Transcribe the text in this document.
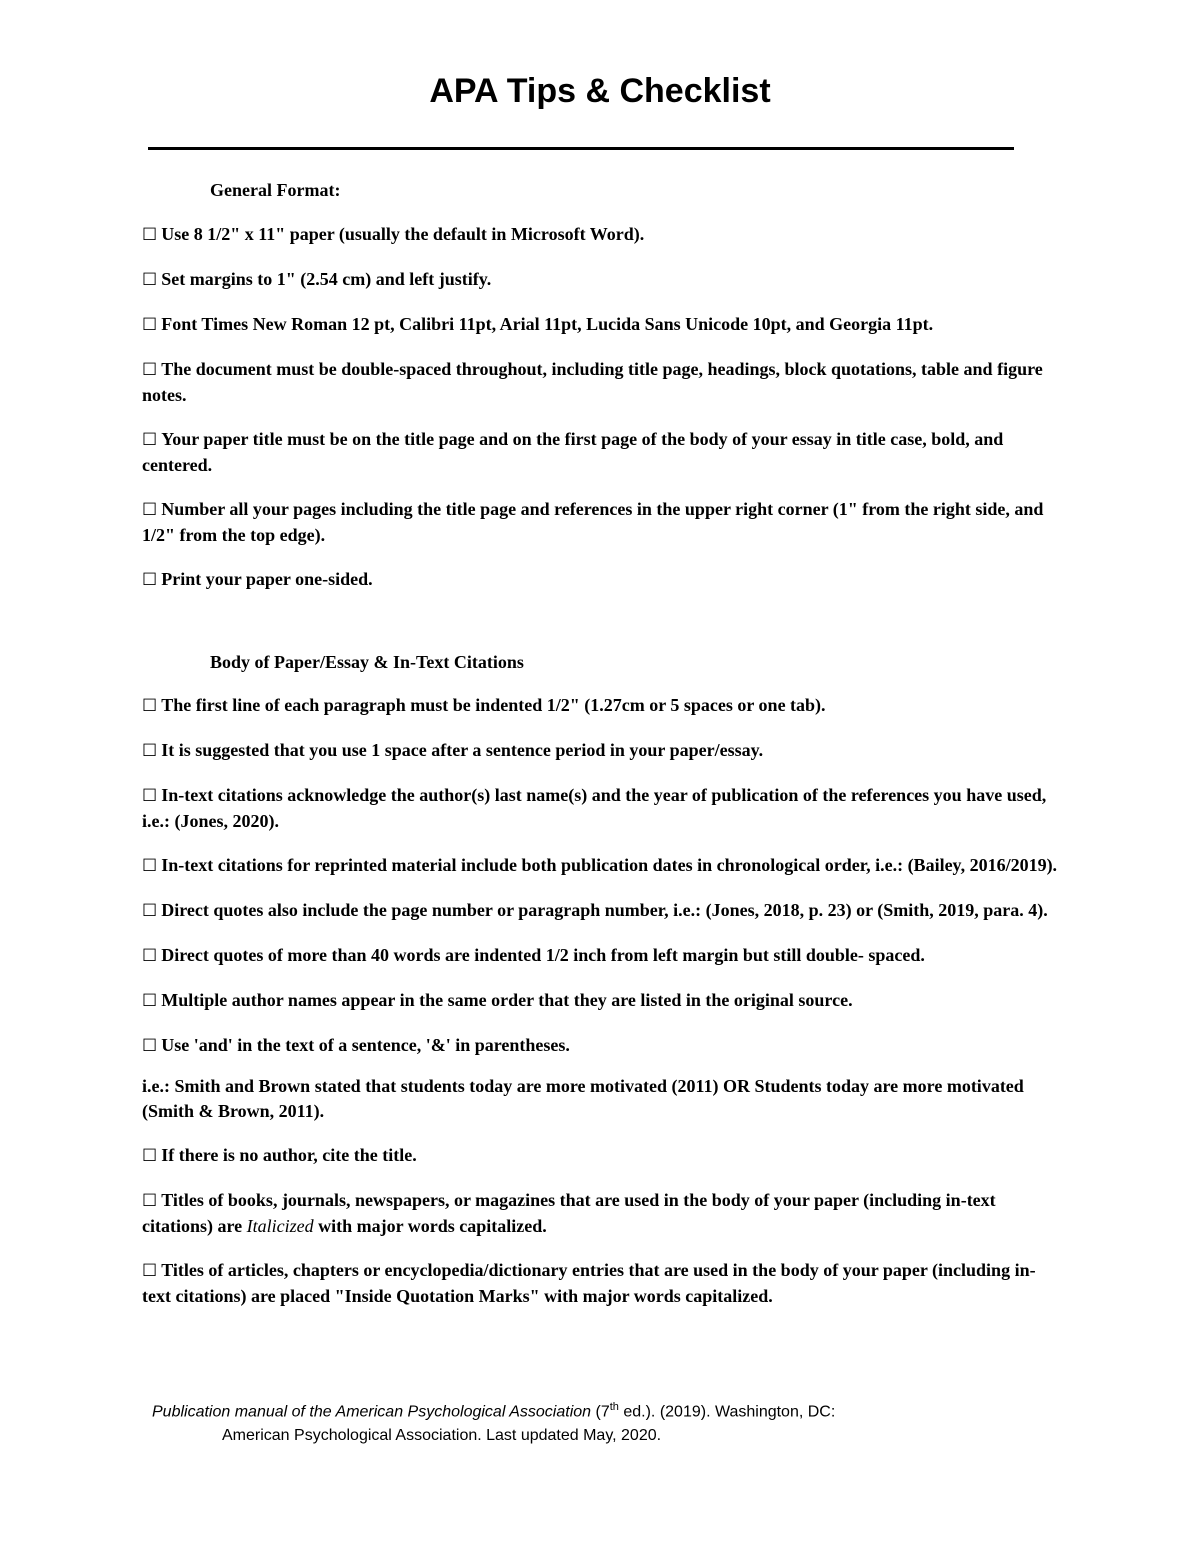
APA Tips & Checklist

General Format:

☐ Use 8 1/2" x 11" paper (usually the default in Microsoft Word).

☐ Set margins to 1" (2.54 cm) and left justify.

☐ Font Times New Roman 12 pt, Calibri 11pt, Arial 11pt, Lucida Sans Unicode 10pt, and Georgia 11pt.

☐ The document must be double-spaced throughout, including title page, headings, block quotations, table and figure notes.

☐ Your paper title must be on the title page and on the first page of the body of your essay in title case, bold, and centered.

☐ Number all your pages including the title page and references in the upper right corner (1" from the right side, and 1/2" from the top edge).

☐ Print your paper one-sided.

Body of Paper/Essay & In-Text Citations

☐ The first line of each paragraph must be indented 1/2" (1.27cm or 5 spaces or one tab).

☐ It is suggested that you use 1 space after a sentence period in your paper/essay.

☐ In-text citations acknowledge the author(s) last name(s) and the year of publication of the references you have used, i.e.: (Jones, 2020).

☐ In-text citations for reprinted material include both publication dates in chronological order, i.e.: (Bailey, 2016/2019).

☐ Direct quotes also include the page number or paragraph number, i.e.: (Jones, 2018, p. 23) or (Smith, 2019, para. 4).

☐ Direct quotes of more than 40 words are indented 1/2 inch from left margin but still double- spaced.

☐ Multiple author names appear in the same order that they are listed in the original source.

☐ Use 'and' in the text of a sentence, '&' in parentheses.

i.e.: Smith and Brown stated that students today are more motivated (2011) OR Students today are more motivated (Smith & Brown, 2011).

☐ If there is no author, cite the title.

☐ Titles of books, journals, newspapers, or magazines that are used in the body of your paper (including in-text citations) are Italicized with major words capitalized.

☐ Titles of articles, chapters or encyclopedia/dictionary entries that are used in the body of your paper (including in-text citations) are placed "Inside Quotation Marks" with major words capitalized.

Publication manual of the American Psychological Association (7th ed.). (2019). Washington, DC:

American Psychological Association. Last updated May, 2020.
